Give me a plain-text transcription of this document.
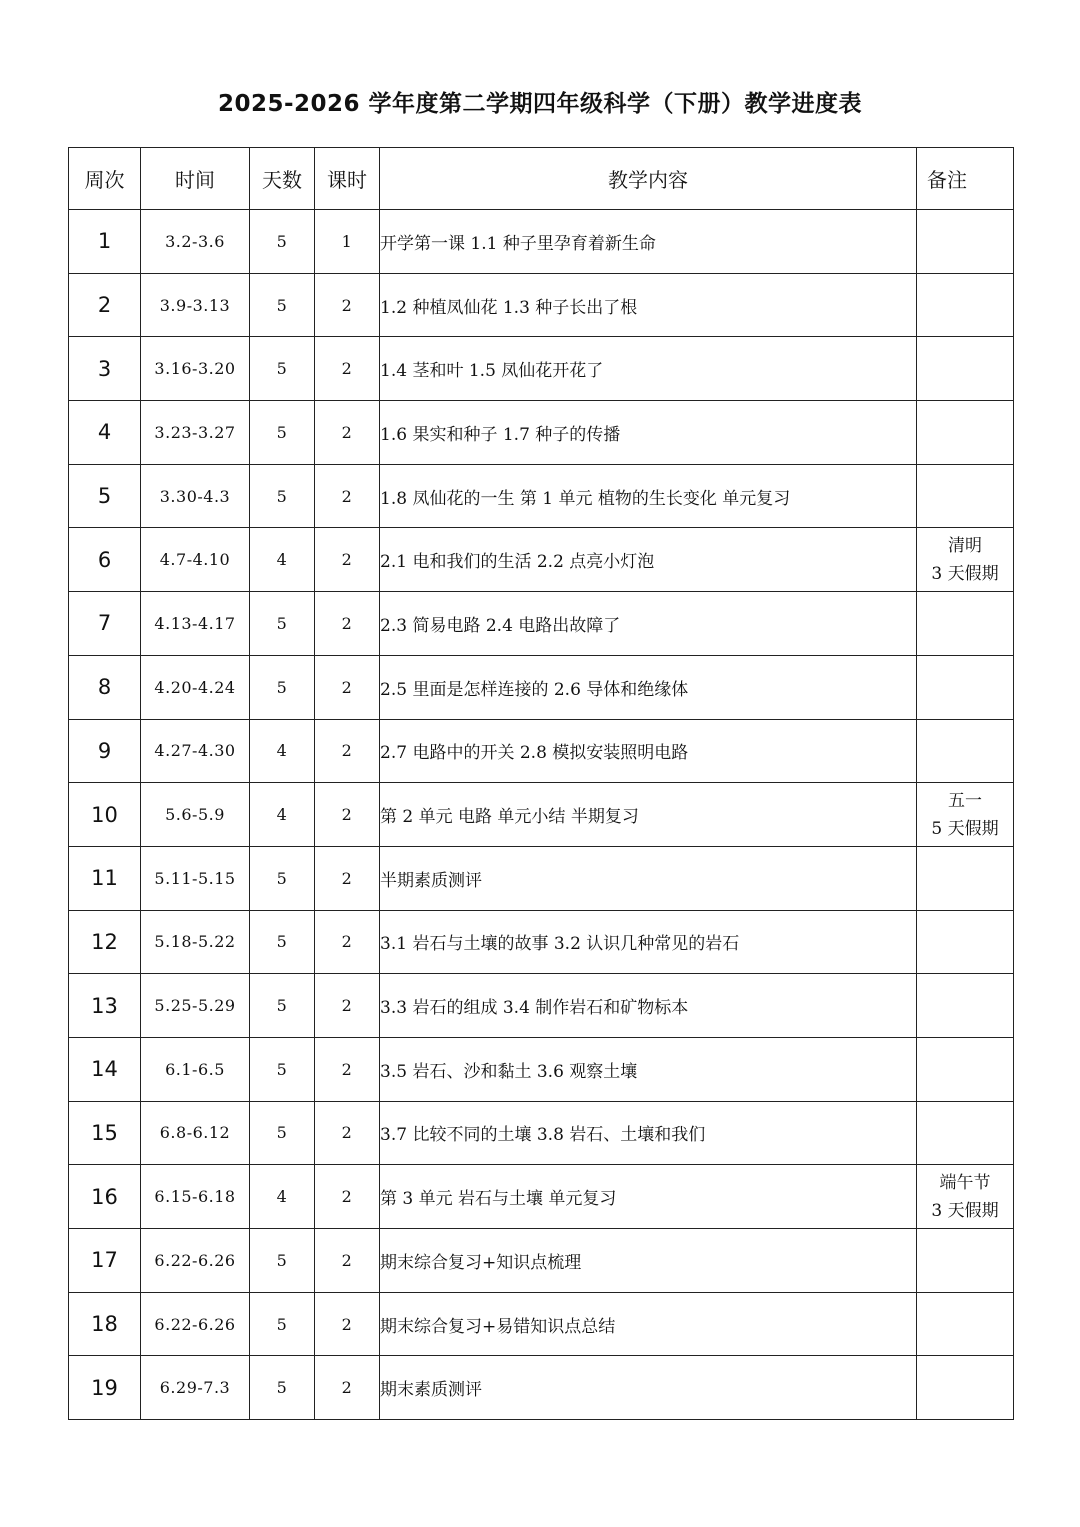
2025-2026 学年度第二学期四年级科学（下册）教学进度表
周次	时间	天数	课时	教学内容	备注
1	3.2-3.6	5	1	开学第一课 1.1 种子里孕育着新生命	

2	3.9-3.13	5	2	1.2 种植凤仙花 1.3 种子长出了根	

3	3.16-3.20	5	2	1.4 茎和叶 1.5 凤仙花开花了	

4	3.23-3.27	5	2	1.6 果实和种子 1.7 种子的传播	

5	3.30-4.3	5	2	1.8 凤仙花的一生 第 1 单元 植物的生长变化 单元复习	

6	4.7-4.10	4	2	2.1 电和我们的生活 2.2 点亮小灯泡	清明
3 天假期

7	4.13-4.17	5	2	2.3 简易电路 2.4 电路出故障了	

8	4.20-4.24	5	2	2.5 里面是怎样连接的 2.6 导体和绝缘体	

9	4.27-4.30	4	2	2.7 电路中的开关 2.8 模拟安装照明电路	

10	5.6-5.9	4	2	第 2 单元 电路 单元小结 半期复习	五一
5 天假期

11	5.11-5.15	5	2	半期素质测评	

12	5.18-5.22	5	2	3.1 岩石与土壤的故事 3.2 认识几种常见的岩石	

13	5.25-5.29	5	2	3.3 岩石的组成 3.4 制作岩石和矿物标本	

14	6.1-6.5	5	2	3.5 岩石、沙和黏土 3.6 观察土壤	

15	6.8-6.12	5	2	3.7 比较不同的土壤 3.8 岩石、土壤和我们	

16	6.15-6.18	4	2	第 3 单元 岩石与土壤 单元复习	端午节
3 天假期

17	6.22-6.26	5	2	期末综合复习+知识点梳理	

18	6.22-6.26	5	2	期末综合复习+易错知识点总结	

19	6.29-7.3	5	2	期末素质测评	
